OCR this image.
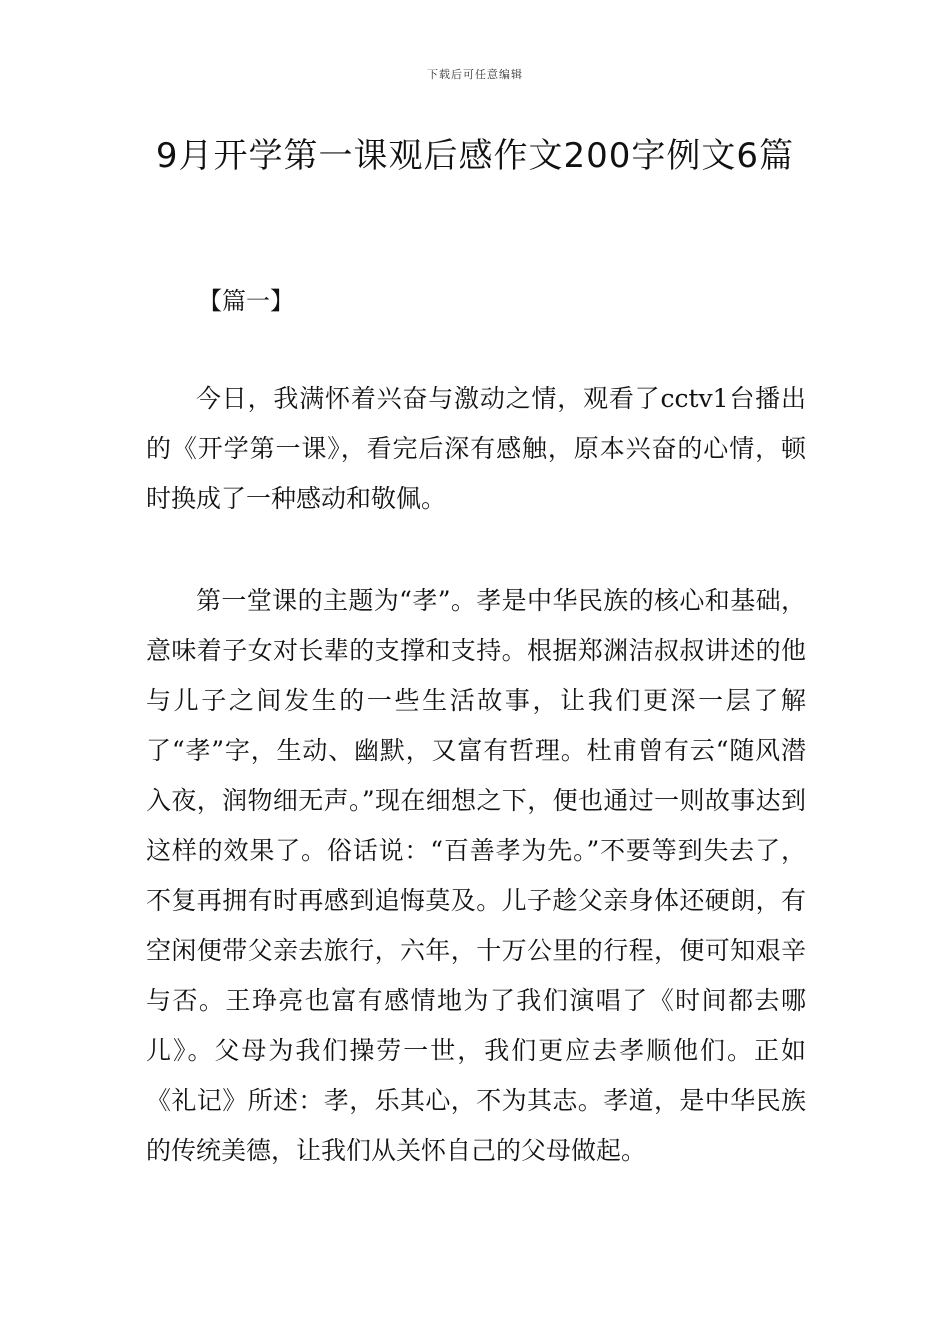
下载后可任意编辑
9月开学第一课观后感作文200字例文6篇
【篇一】

今日，我满怀着兴奋与激动之情，观看了cctv1台播出的《开学第一课》，看完后深有感触，原本兴奋的心情，顿时换成了一种感动和敬佩。

第一堂课的主题为“孝”。孝是中华民族的核心和基础，意味着子女对长辈的支撑和支持。根据郑渊洁叔叔讲述的他与儿子之间发生的一些生活故事，让我们更深一层了解了“孝”字，生动、幽默，又富有哲理。杜甫曾有云“随风潜入夜，润物细无声。”现在细想之下，便也通过一则故事达到这样的效果了。俗话说：“百善孝为先。”不要等到失去了，不复再拥有时再感到追悔莫及。儿子趁父亲身体还硬朗，有空闲便带父亲去旅行，六年，十万公里的行程，便可知艰辛与否。王琤亮也富有感情地为了我们演唱了《时间都去哪儿》。父母为我们操劳一世，我们更应去孝顺他们。正如《礼记》所述：孝，乐其心，不为其志。孝道，是中华民族的传统美德，让我们从关怀自己的父母做起。
